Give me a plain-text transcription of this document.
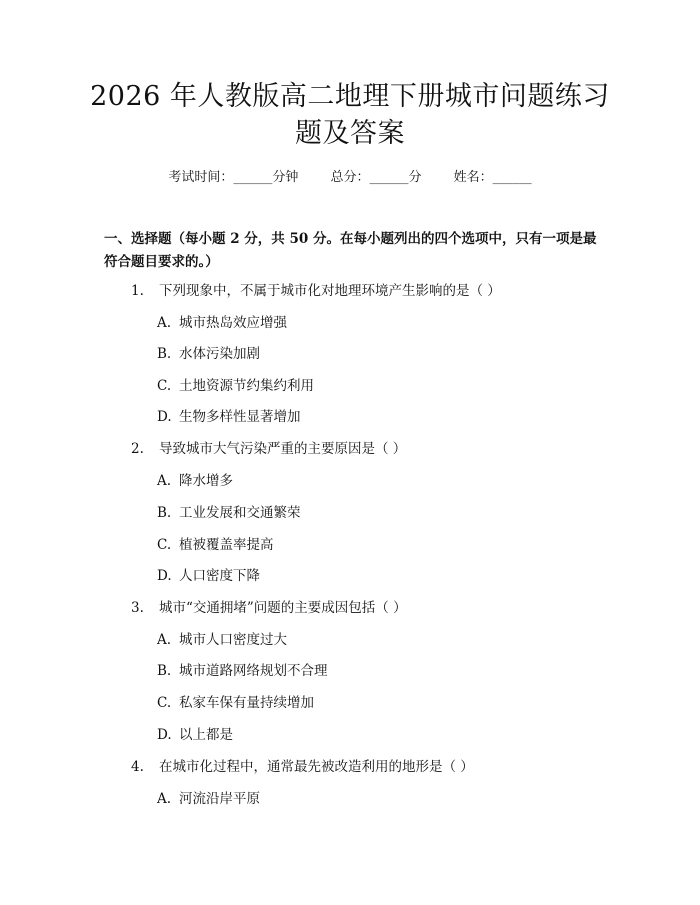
2026 年人教版高二地理下册城市问题练习题及答案
考试时间：______分钟 总分：______分 姓名：______
一、选择题（每小题 2 分，共 50 分。在每小题列出的四个选项中，只有一项是最符合题目要求的。）
1. 下列现象中，不属于城市化对地理环境产生影响的是（ ）
A. 城市热岛效应增强
B. 水体污染加剧
C. 土地资源节约集约利用
D. 生物多样性显著增加
2. 导致城市大气污染严重的主要原因是（ ）
A. 降水增多
B. 工业发展和交通繁荣
C. 植被覆盖率提高
D. 人口密度下降
3. 城市“交通拥堵”问题的主要成因包括（ ）
A. 城市人口密度过大
B. 城市道路网络规划不合理
C. 私家车保有量持续增加
D. 以上都是
4. 在城市化过程中，通常最先被改造利用的地形是（ ）
A. 河流沿岸平原
